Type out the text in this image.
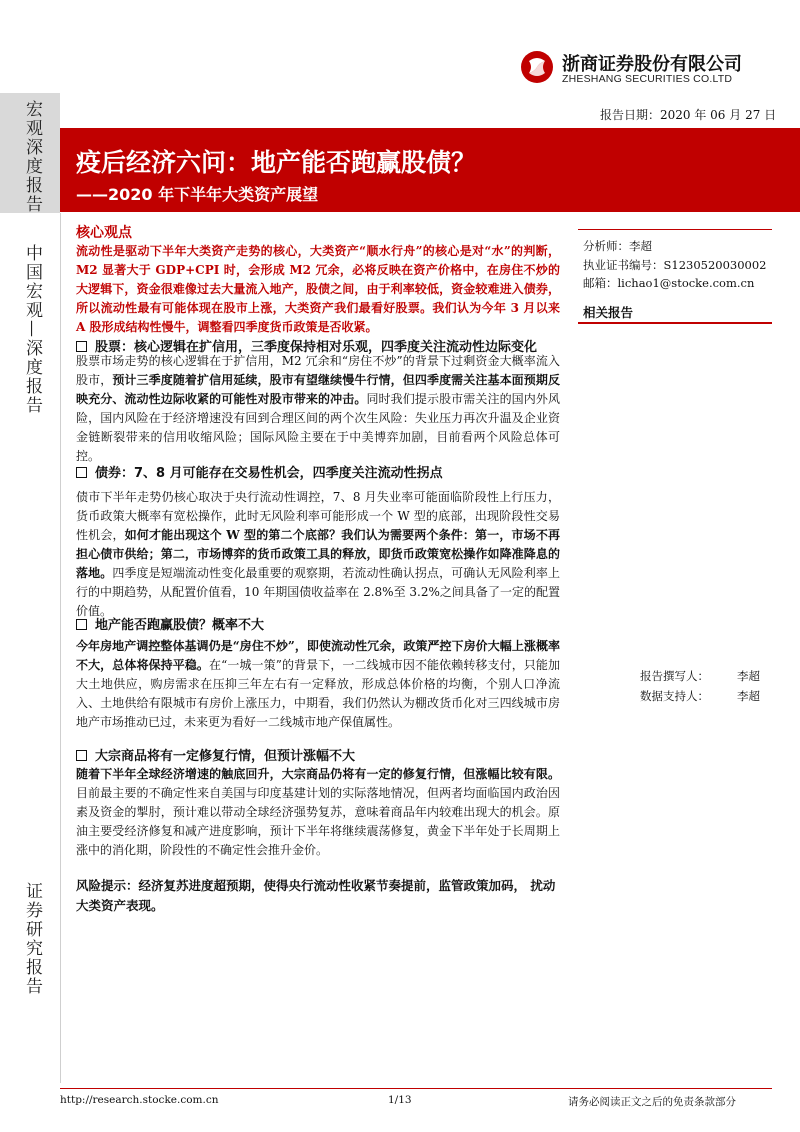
浙商证券股份有限公司
ZHESHANG SECURITIES CO.LTD
宏观深度报告
中国宏观—深度报告
证券研究报告
报告日期： 2020 年 06 月 27 日
疫后经济六问：地产能否跑赢股债？
——2020 年下半年大类资产展望
核心观点
流动性是驱动下半年大类资产走势的核心，大类资产“顺水行舟”的核心是对“水”的判断，M2 显著大于 GDP+CPI 时，会形成 M2 冗余，必将反映在资产价格中，在房住不炒的大逻辑下，资金很难像过去大量流入地产，股债之间，由于利率较低，资金较难进入债券，所以流动性最有可能体现在股市上涨，大类资产我们最看好股票。我们认为今年 3 月以来 A 股形成结构性慢牛，调整看四季度货币政策是否收紧。
股票：核心逻辑在扩信用，三季度保持相对乐观，四季度关注流动性边际变化
股票市场走势的核心逻辑在于扩信用，M2 冗余和“房住不炒”的背景下过剩资金大概率流入股市，预计三季度随着扩信用延续，股市有望继续慢牛行情，但四季度需关注基本面预期反映充分、流动性边际收紧的可能性对股市带来的冲击。同时我们提示股市需关注的国内外风险，国内风险在于经济增速没有回到合理区间的两个次生风险：失业压力再次升温及企业资金链断裂带来的信用收缩风险；国际风险主要在于中美博弈加剧，目前看两个风险总体可控。
债券：7、8 月可能存在交易性机会，四季度关注流动性拐点
债市下半年走势仍核心取决于央行流动性调控，7、8 月失业率可能面临阶段性上行压力，货币政策大概率有宽松操作，此时无风险利率可能形成一个 W 型的底部，出现阶段性交易性机会，如何才能出现这个 W 型的第二个底部？我们认为需要两个条件：第一，市场不再担心债市供给；第二，市场博弈的货币政策工具的释放，即货币政策宽松操作如降准降息的落地。四季度是短端流动性变化最重要的观察期，若流动性确认拐点，可确认无风险利率上行的中期趋势，从配置价值看，10 年期国债收益率在 2.8%至 3.2%之间具备了一定的配置价值。
地产能否跑赢股债？概率不大
今年房地产调控整体基调仍是“房住不炒”，即使流动性冗余，政策严控下房价大幅上涨概率不大，总体将保持平稳。在“一城一策”的背景下，一二线城市因不能依赖转移支付，只能加大土地供应，购房需求在压抑三年左右有一定释放，形成总体价格的均衡，个别人口净流入、土地供给有限城市有房价上涨压力，中期看，我们仍然认为棚改货币化对三四线城市房地产市场推动已过，未来更为看好一二线城市地产保值属性。
大宗商品将有一定修复行情，但预计涨幅不大
随着下半年全球经济增速的触底回升，大宗商品仍将有一定的修复行情，但涨幅比较有限。目前最主要的不确定性来自美国与印度基建计划的实际落地情况，但两者均面临国内政治因素及资金的掣肘，预计难以带动全球经济强势复苏，意味着商品年内较难出现大的机会。原油主要受经济修复和减产进度影响，预计下半年将继续震荡修复，黄金下半年处于长周期上涨中的消化期，阶段性的不确定性会推升金价。
风险提示：经济复苏进度超预期，使得央行流动性收紧节奏提前，监管政策加码， 扰动大类资产表现。
分析师：李超
执业证书编号：S1230520030002
邮箱：lichao1@stocke.com.cn
相关报告
报告撰写人： 李超
数据支持人： 李超
http://research.stocke.com.cn	1/13	请务必阅读正文之后的免责条款部分
